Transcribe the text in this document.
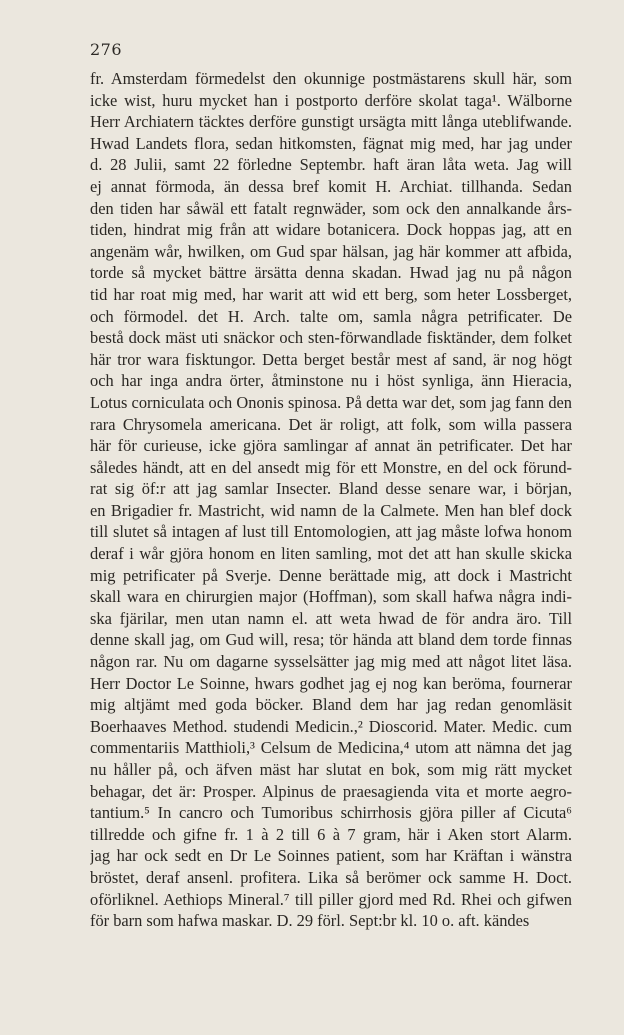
276
fr. Amsterdam förmedelst den okunnige postmästarens skull här, som
icke wist, huru mycket han i postporto derföre skolat taga¹. Wälborne
Herr Archiatern täcktes derföre gunstigt ursägta mitt långa uteblifwande.
Hwad Landets flora, sedan hitkomsten, fägnat mig med, har jag under
d. 28 Julii, samt 22 förledne Septembr. haft äran låta weta. Jag will
ej annat förmoda, än dessa bref komit H. Archiat. tillhanda. Sedan
den tiden har såwäl ett fatalt regnwäder, som ock den annalkande års-
tiden, hindrat mig från att widare botanicera. Dock hoppas jag, att en
angenäm wår, hwilken, om Gud spar hälsan, jag här kommer att afbida,
torde så mycket bättre ärsätta denna skadan. Hwad jag nu på någon
tid har roat mig med, har warit att wid ett berg, som heter Lossberget,
och förmodel. det H. Arch. talte om, samla några petrificater. De
bestå dock mäst uti snäckor och sten-förwandlade fisktänder, dem folket
här tror wara fisktungor. Detta berget består mest af sand, är nog högt
och har inga andra örter, åtminstone nu i höst synliga, änn Hieracia,
Lotus corniculata och Ononis spinosa. På detta war det, som jag fann den
rara Chrysomela americana. Det är roligt, att folk, som willa passera
här för curieuse, icke gjöra samlingar af annat än petrificater. Det har
således händt, att en del ansedt mig för ett Monstre, en del ock förund-
rat sig öf:r att jag samlar Insecter. Bland desse senare war, i början,
en Brigadier fr. Mastricht, wid namn de la Calmete. Men han blef dock
till slutet så intagen af lust till Entomologien, att jag måste lofwa honom
deraf i wår gjöra honom en liten samling, mot det att han skulle skicka
mig petrificater på Sverje. Denne berättade mig, att dock i Mastricht
skall wara en chirurgien major (Hoffman), som skall hafwa några indi-
ska fjärilar, men utan namn el. att weta hwad de för andra äro. Till
denne skall jag, om Gud will, resa; tör hända att bland dem torde finnas
någon rar. Nu om dagarne sysselsätter jag mig med att något litet läsa.
Herr Doctor Le Soinne, hwars godhet jag ej nog kan beröma, fournerar
mig altjämt med goda böcker. Bland dem har jag redan genomläsit
Boerhaaves Method. studendi Medicin.,² Dioscorid. Mater. Medic. cum
commentariis Matthioli,³ Celsum de Medicina,⁴ utom att nämna det jag
nu håller på, och äfven mäst har slutat en bok, som mig rätt mycket
behagar, det är: Prosper. Alpinus de praesagienda vita et morte aegro-
tantium.⁵ In cancro och Tumoribus schirrhosis gjöra piller af Cicuta⁶
tillredde och gifne fr. 1 à 2 till 6 à 7 gram, här i Aken stort Alarm.
jag har ock sedt en Dr Le Soinnes patient, som har Kräftan i wänstra
bröstet, deraf ansenl. profitera. Lika så berömer ock samme H. Doct.
oförliknel. Aethiops Mineral.⁷ till piller gjord med Rd. Rhei och gifwen
för barn som hafwa maskar. D. 29 förl. Sept:br kl. 10 o. aft. kändes
